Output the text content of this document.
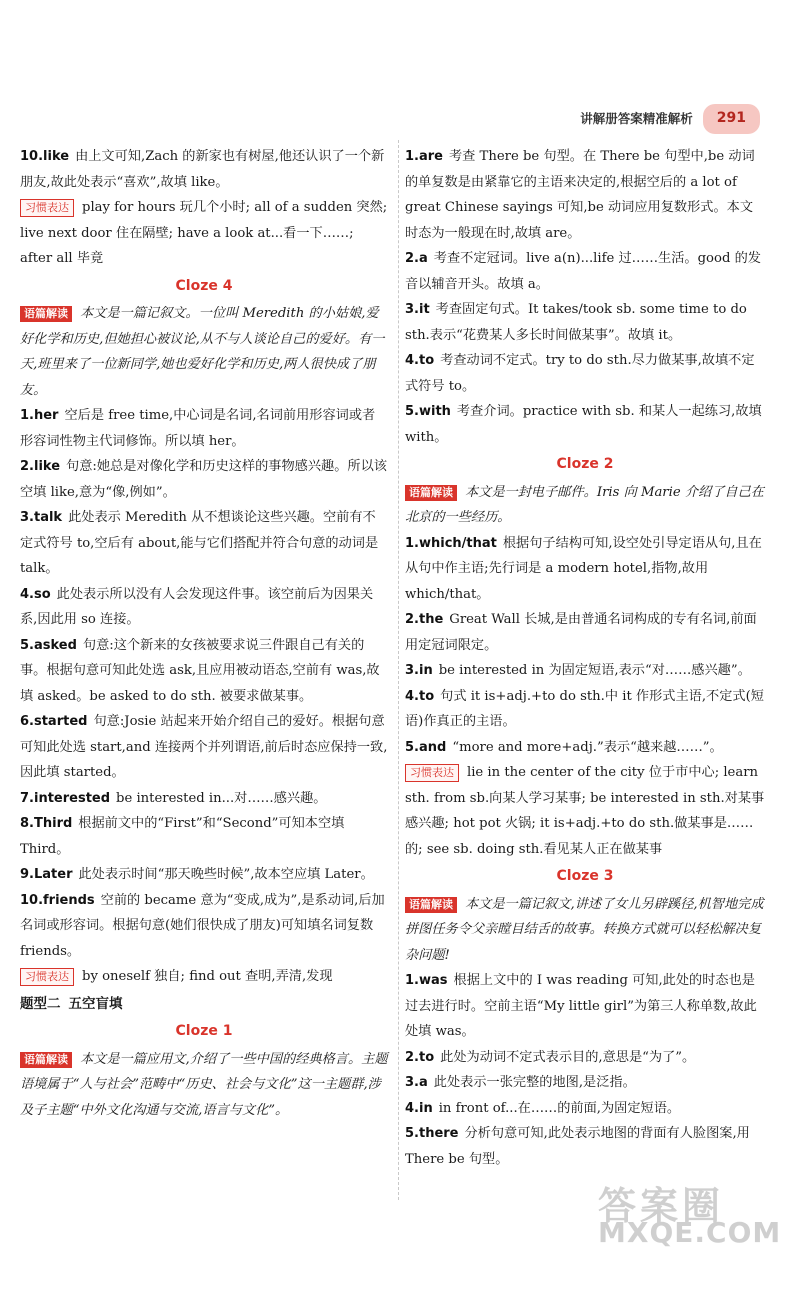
讲解册答案精准解析	291

10.like 由上文可知,Zach 的新家也有树屋,他还认识了一个新朋友,故此处表示“喜欢”,故填 like。

习惯表达 play for hours 玩几个小时; all of a sudden 突然; live next door 住在隔壁; have a look at...看一下……; after all 毕竟

Cloze 4

语篇解读 本文是一篇记叙文。一位叫 Meredith 的小姑娘,爱好化学和历史,但她担心被议论,从不与人谈论自己的爱好。有一天,班里来了一位新同学,她也爱好化学和历史,两人很快成了朋友。

1.her 空后是 free time,中心词是名词,名词前用形容词或者形容词性物主代词修饰。所以填 her。

2.like 句意:她总是对像化学和历史这样的事物感兴趣。所以该空填 like,意为“像,例如”。

3.talk 此处表示 Meredith 从不想谈论这些兴趣。空前有不定式符号 to,空后有 about,能与它们搭配并符合句意的动词是 talk。

4.so 此处表示所以没有人会发现这件事。该空前后为因果关系,因此用 so 连接。

5.asked 句意:这个新来的女孩被要求说三件跟自己有关的事。根据句意可知此处选 ask,且应用被动语态,空前有 was,故填 asked。be asked to do sth. 被要求做某事。

6.started 句意:Josie 站起来开始介绍自己的爱好。根据句意可知此处选 start,and 连接两个并列谓语,前后时态应保持一致,因此填 started。

7.interested be interested in...对……感兴趣。

8.Third 根据前文中的“First”和“Second”可知本空填 Third。

9.Later 此处表示时间“那天晚些时候”,故本空应填 Later。

10.friends 空前的 became 意为“变成,成为”,是系动词,后加名词或形容词。根据句意(她们很快成了朋友)可知填名词复数 friends。

习惯表达 by oneself 独自; find out 查明,弄清,发现

题型二 五空盲填
Cloze 1

语篇解读 本文是一篇应用文,介绍了一些中国的经典格言。主题语境属于“人与社会”范畴中“历史、社会与文化”这一主题群,涉及子主题“中外文化沟通与交流,语言与文化”。

1.are 考查 There be 句型。在 There be 句型中,be 动词的单复数是由紧靠它的主语来决定的,根据空后的 a lot of great Chinese sayings 可知,be 动词应用复数形式。本文时态为一般现在时,故填 are。

2.a 考查不定冠词。live a(n)...life 过……生活。good 的发音以辅音开头。故填 a。

3.it 考查固定句式。It takes/took sb. some time to do sth.表示“花费某人多长时间做某事”。故填 it。

4.to 考查动词不定式。try to do sth.尽力做某事,故填不定式符号 to。

5.with 考查介词。practice with sb. 和某人一起练习,故填 with。

Cloze 2

语篇解读 本文是一封电子邮件。Iris 向 Marie 介绍了自己在北京的一些经历。

1.which/that 根据句子结构可知,设空处引导定语从句,且在从句中作主语;先行词是 a modern hotel,指物,故用 which/that。

2.the Great Wall 长城,是由普通名词构成的专有名词,前面用定冠词限定。

3.in be interested in 为固定短语,表示“对……感兴趣”。

4.to 句式 it is+adj.+to do sth.中 it 作形式主语,不定式(短语)作真正的主语。

5.and “more and more+adj.”表示“越来越……”。

习惯表达 lie in the center of the city 位于市中心; learn sth. from sb.向某人学习某事; be interested in sth.对某事感兴趣; hot pot 火锅; it is+adj.+to do sth.做某事是……的; see sb. doing sth.看见某人正在做某事

Cloze 3

语篇解读 本文是一篇记叙文,讲述了女儿另辟蹊径,机智地完成拼图任务令父亲瞠目结舌的故事。转换方式就可以轻松解决复杂问题!

1.was 根据上文中的 I was reading 可知,此处的时态也是过去进行时。空前主语“My little girl”为第三人称单数,故此处填 was。

2.to 此处为动词不定式表示目的,意思是“为了”。

3.a 此处表示一张完整的地图,是泛指。

4.in in front of...在……的前面,为固定短语。

5.there 分析句意可知,此处表示地图的背面有人脸图案,用 There be 句型。

答案圈
MXQE.COM
